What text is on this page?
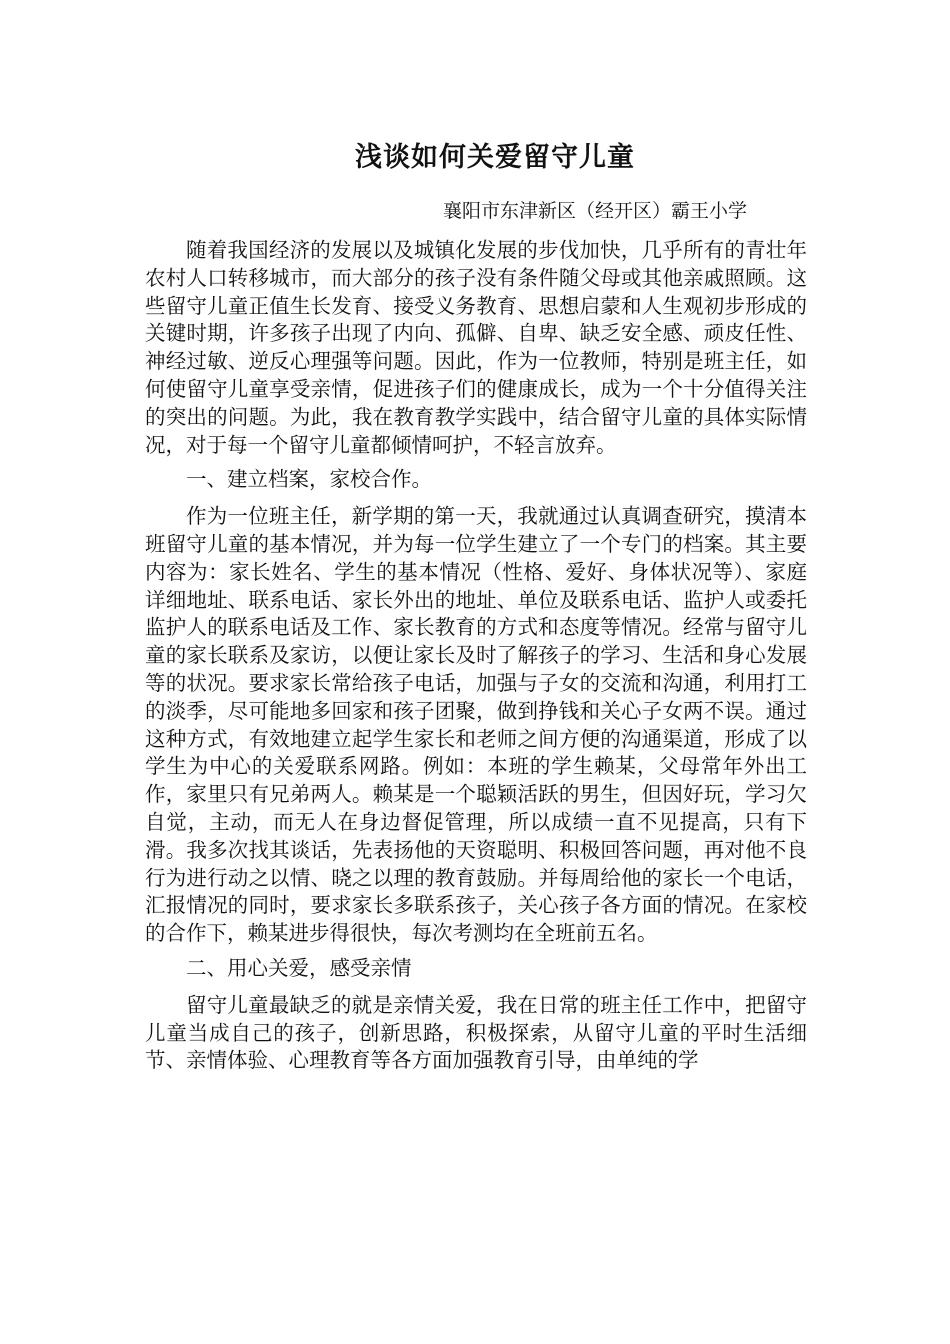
浅谈如何关爱留守儿童
襄阳市东津新区（经开区）霸王小学

随着我国经济的发展以及城镇化发展的步伐加快，几乎所有的青壮年农村人口转移城市，而大部分的孩子没有条件随父母或其他亲戚照顾。这些留守儿童正值生长发育、接受义务教育、思想启蒙和人生观初步形成的关键时期，许多孩子出现了内向、孤僻、自卑、缺乏安全感、顽皮任性、神经过敏、逆反心理强等问题。因此，作为一位教师，特别是班主任，如何使留守儿童享受亲情，促进孩子们的健康成长，成为一个十分值得关注的突出的问题。为此，我在教育教学实践中，结合留守儿童的具体实际情况，对于每一个留守儿童都倾情呵护，不轻言放弃。

一、建立档案，家校合作。

作为一位班主任，新学期的第一天，我就通过认真调查研究，摸清本班留守儿童的基本情况，并为每一位学生建立了一个专门的档案。其主要内容为：家长姓名、学生的基本情况（性格、爱好、身体状况等）、家庭详细地址、联系电话、家长外出的地址、单位及联系电话、监护人或委托监护人的联系电话及工作、家长教育的方式和态度等情况。经常与留守儿童的家长联系及家访，以便让家长及时了解孩子的学习、生活和身心发展等的状况。要求家长常给孩子电话，加强与子女的交流和沟通，利用打工的淡季，尽可能地多回家和孩子团聚，做到挣钱和关心子女两不误。通过这种方式，有效地建立起学生家长和老师之间方便的沟通渠道，形成了以学生为中心的关爱联系网路。例如：本班的学生赖某，父母常年外出工作，家里只有兄弟两人。赖某是一个聪颖活跃的男生，但因好玩，学习欠自觉，主动，而无人在身边督促管理，所以成绩一直不见提高，只有下滑。我多次找其谈话，先表扬他的天资聪明、积极回答问题，再对他不良行为进行动之以情、晓之以理的教育鼓励。并每周给他的家长一个电话，汇报情况的同时，要求家长多联系孩子，关心孩子各方面的情况。在家校的合作下，赖某进步得很快，每次考测均在全班前五名。

二、用心关爱，感受亲情

留守儿童最缺乏的就是亲情关爱，我在日常的班主任工作中，把留守儿童当成自己的孩子，创新思路，积极探索，从留守儿童的平时生活细节、亲情体验、心理教育等各方面加强教育引导，由单纯的学
